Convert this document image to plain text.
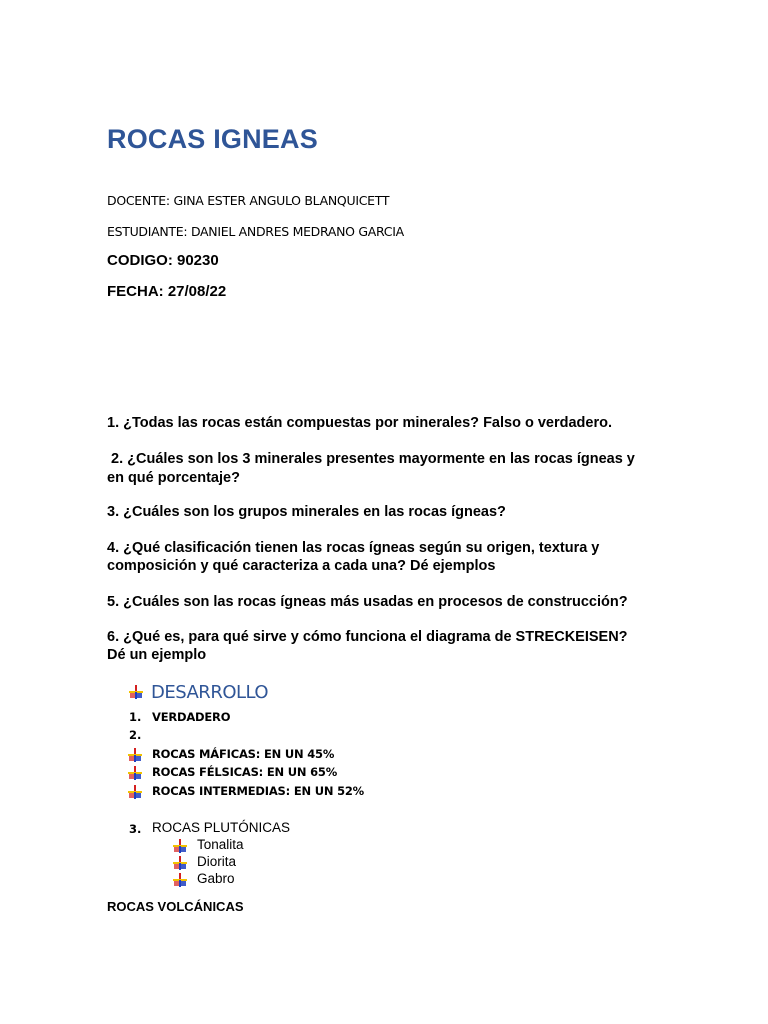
ROCAS IGNEAS
DOCENTE: GINA ESTER ANGULO BLANQUICETT
ESTUDIANTE: DANIEL ANDRES MEDRANO GARCIA
CODIGO: 90230
FECHA: 27/08/22
1. ¿Todas las rocas están compuestas por minerales? Falso o verdadero.
2. ¿Cuáles son los 3 minerales presentes mayormente en las rocas ígneas y
en qué porcentaje?
3. ¿Cuáles son los grupos minerales en las rocas ígneas?
4. ¿Qué clasificación tienen las rocas ígneas según su origen, textura y
composición y qué caracteriza a cada una? Dé ejemplos
5. ¿Cuáles son las rocas ígneas más usadas en procesos de construcción?
6. ¿Qué es, para qué sirve y cómo funciona el diagrama de STRECKEISEN?
Dé un ejemplo
DESARROLLO
1. VERDADERO
2.
ROCAS MÁFICAS: EN UN 45%
ROCAS FÉLSICAS: EN UN 65%
ROCAS INTERMEDIAS: EN UN 52%
3. ROCAS PLUTÓNICAS
Tonalita
Diorita
Gabro
ROCAS VOLCÁNICAS
